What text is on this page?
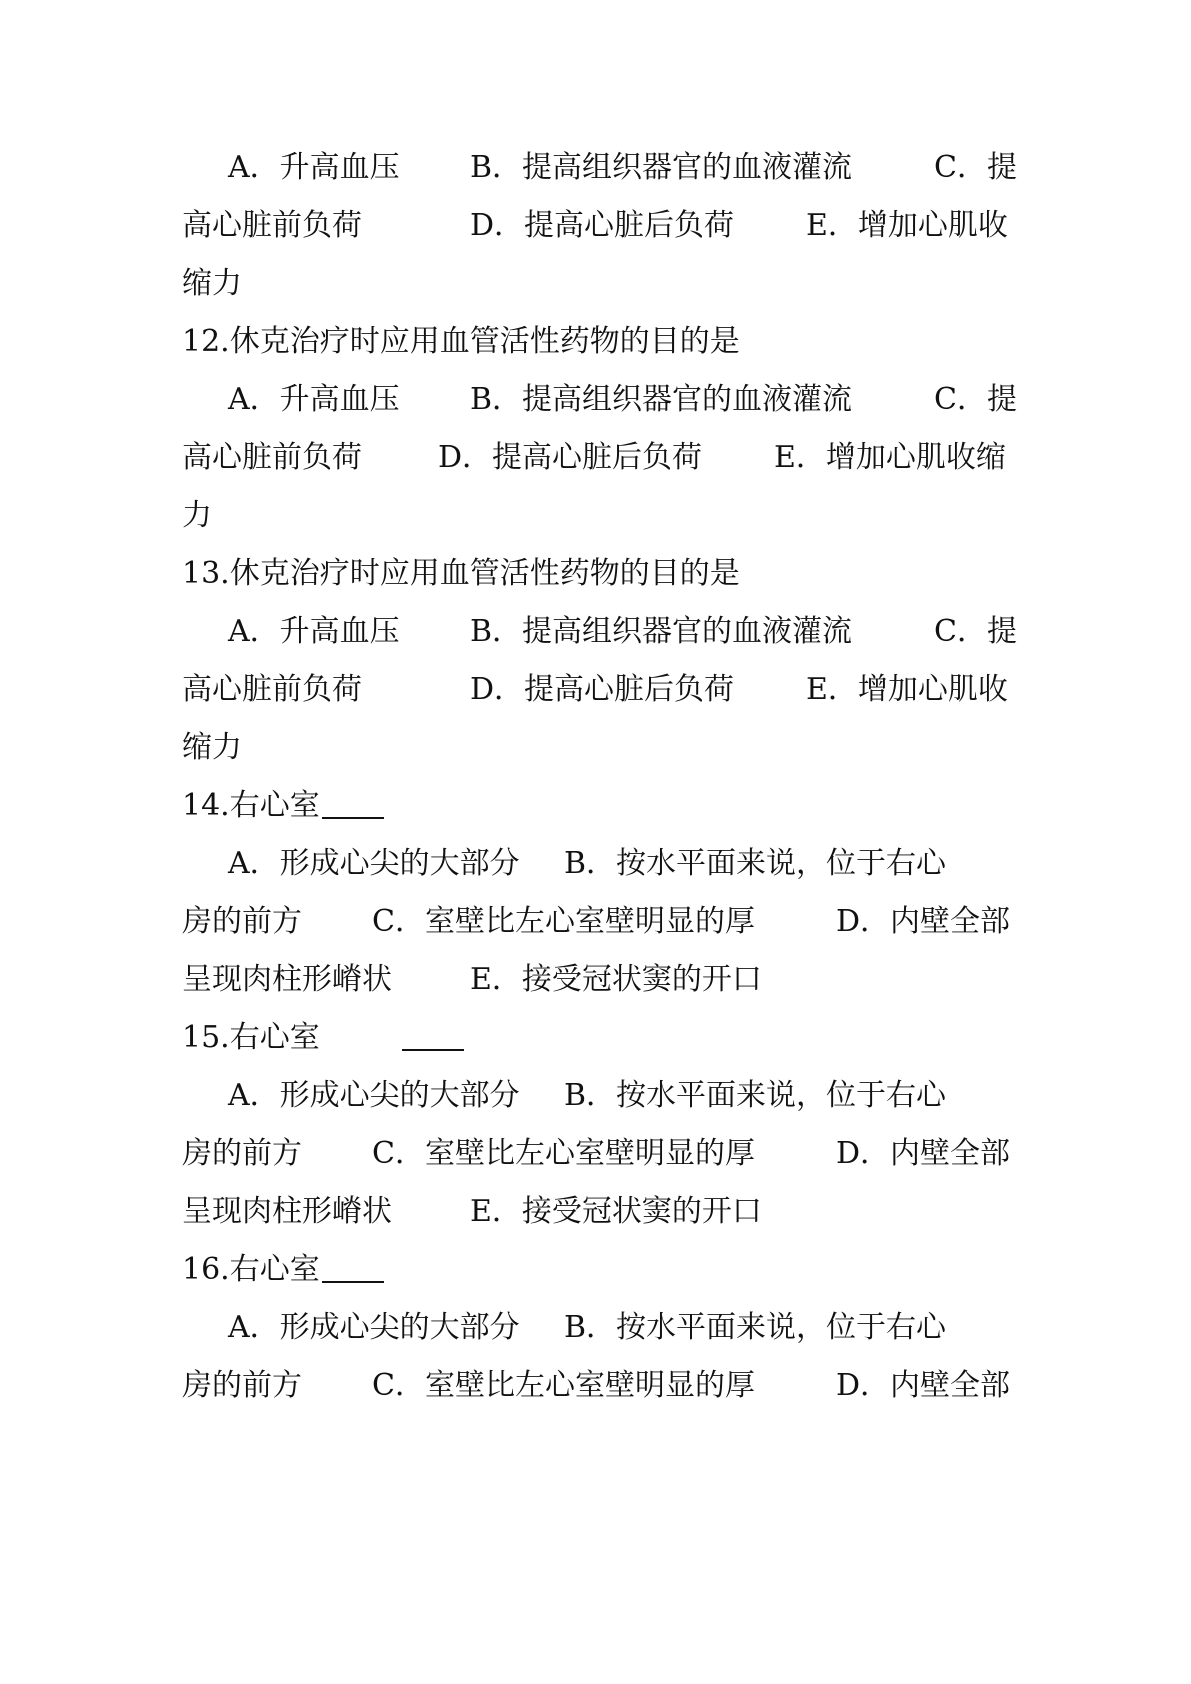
A．升高血压 B．提高组织器官的血液灌流	C．提
高心脏前负荷	D．提高心脏后负荷 E．增加心肌收
缩力
12.休克治疗时应用血管活性药物的目的是
A．升高血压 B．提高组织器官的血液灌流	C．提
高心脏前负荷	D．提高心脏后负荷 E．增加心肌收缩
力
13.休克治疗时应用血管活性药物的目的是
A．升高血压 B．提高组织器官的血液灌流	C．提
高心脏前负荷	D．提高心脏后负荷 E．增加心肌收
缩力
14.右心室
A．形成心尖的大部分 B．按水平面来说，位于右心
房的前方 C．室壁比左心室壁明显的厚	D．内壁全部
呈现肉柱形嵴状	E．接受冠状窦的开口
15.右心室
A．形成心尖的大部分 B．按水平面来说，位于右心
房的前方 C．室壁比左心室壁明显的厚	D．内壁全部
呈现肉柱形嵴状	E．接受冠状窦的开口
16.右心室
A．形成心尖的大部分 B．按水平面来说，位于右心
房的前方 C．室壁比左心室壁明显的厚	D．内壁全部
